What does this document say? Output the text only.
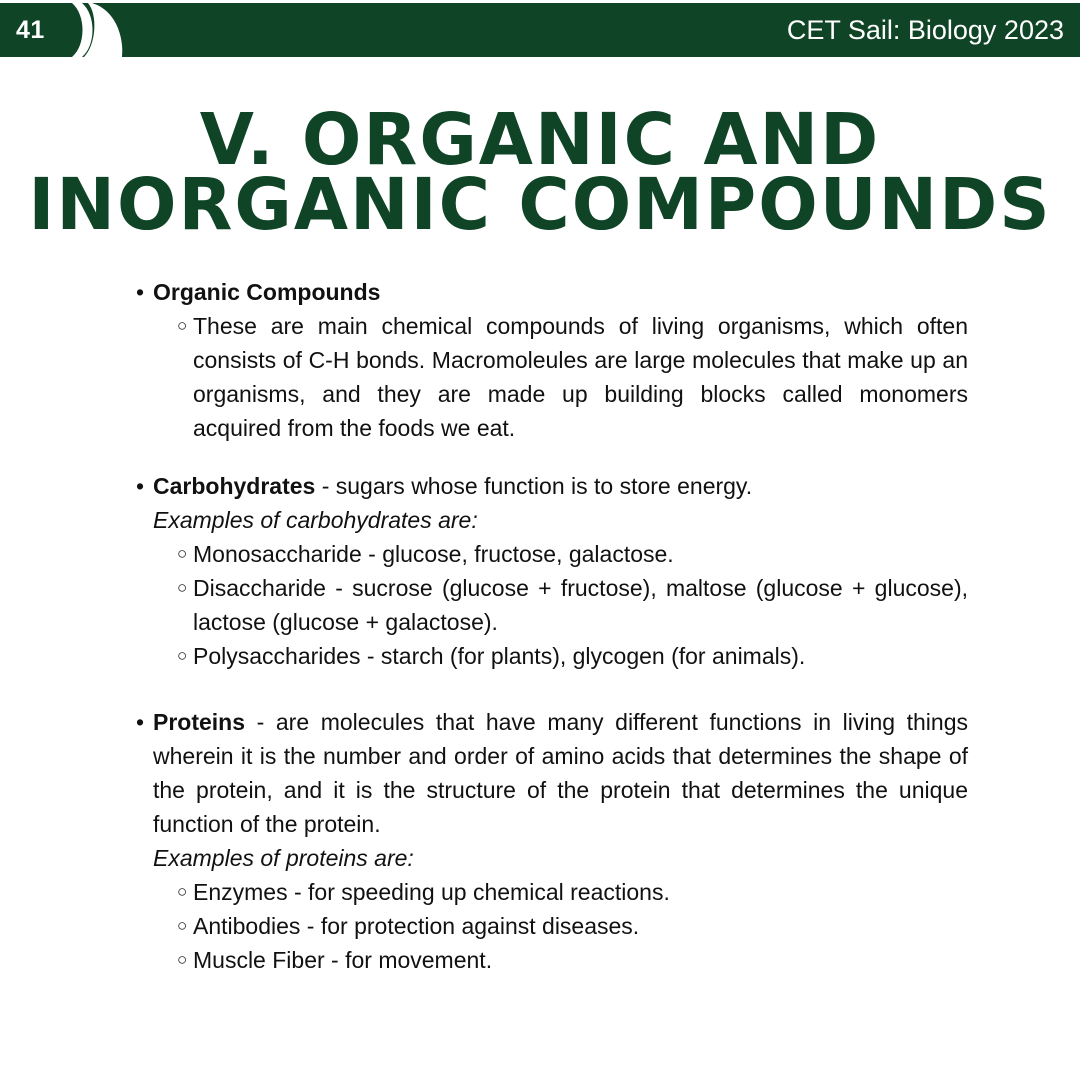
41	CET Sail: Biology 2023
V. ORGANIC AND
INORGANIC COMPOUNDS
• Organic Compounds

○ These are main chemical compounds of living organisms, which often consists of C-H bonds. Macromoleules are large molecules that make up an organisms, and they are made up building blocks called monomers acquired from the foods we eat.
• Carbohydrates - sugars whose function is to store energy.

Examples of carbohydrates are:

○ Monosaccharide - glucose, fructose, galactose.
○ Disaccharide - sucrose (glucose + fructose), maltose (glucose + glucose), lactose (glucose + galactose).
○ Polysaccharides - starch (for plants), glycogen (for animals).
• Proteins - are molecules that have many different functions in living things wherein it is the number and order of amino acids that determines the shape of the protein, and it is the structure of the protein that determines the unique function of the protein.

Examples of proteins are:

○ Enzymes - for speeding up chemical reactions.
○ Antibodies - for protection against diseases.
○ Muscle Fiber - for movement.
